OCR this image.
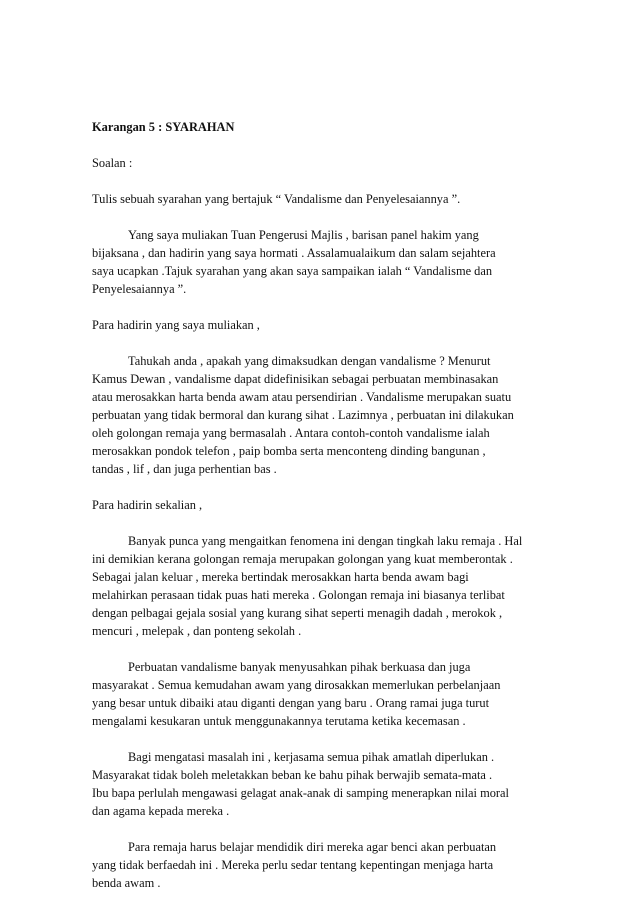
Karangan 5 : SYARAHAN
Soalan :
Tulis sebuah syarahan yang bertajuk “ Vandalisme dan Penyelesaiannya ”.
Yang saya muliakan Tuan Pengerusi Majlis , barisan panel hakim yang
bijaksana , dan hadirin yang saya hormati . Assalamualaikum dan salam sejahtera
saya ucapkan .Tajuk syarahan yang akan saya sampaikan ialah “ Vandalisme dan
Penyelesaiannya ”.
Para hadirin yang saya muliakan ,
Tahukah anda , apakah yang dimaksudkan dengan vandalisme ? Menurut
Kamus Dewan , vandalisme dapat didefinisikan sebagai perbuatan membinasakan
atau merosakkan harta benda awam atau persendirian . Vandalisme merupakan suatu
perbuatan yang tidak bermoral dan kurang sihat . Lazimnya , perbuatan ini dilakukan
oleh golongan remaja yang bermasalah . Antara contoh-contoh vandalisme ialah
merosakkan pondok telefon , paip bomba serta menconteng dinding bangunan ,
tandas , lif , dan juga perhentian bas .
Para hadirin sekalian ,
Banyak punca yang mengaitkan fenomena ini dengan tingkah laku remaja . Hal
ini demikian kerana golongan remaja merupakan golongan yang kuat memberontak .
Sebagai jalan keluar , mereka bertindak merosakkan harta benda awam bagi
melahirkan perasaan tidak puas hati mereka . Golongan remaja ini biasanya terlibat
dengan pelbagai gejala sosial yang kurang sihat seperti menagih dadah , merokok ,
mencuri , melepak , dan ponteng sekolah .
Perbuatan vandalisme banyak menyusahkan pihak berkuasa dan juga
masyarakat . Semua kemudahan awam yang dirosakkan memerlukan perbelanjaan
yang besar untuk dibaiki atau diganti dengan yang baru . Orang ramai juga turut
mengalami kesukaran untuk menggunakannya terutama ketika kecemasan .
Bagi mengatasi masalah ini , kerjasama semua pihak amatlah diperlukan .
Masyarakat tidak boleh meletakkan beban ke bahu pihak berwajib semata-mata .
Ibu bapa perlulah mengawasi gelagat anak-anak di samping menerapkan nilai moral
dan agama kepada mereka .
Para remaja harus belajar mendidik diri mereka agar benci akan perbuatan
yang tidak berfaedah ini . Mereka perlu sedar tentang kepentingan menjaga harta
benda awam .
